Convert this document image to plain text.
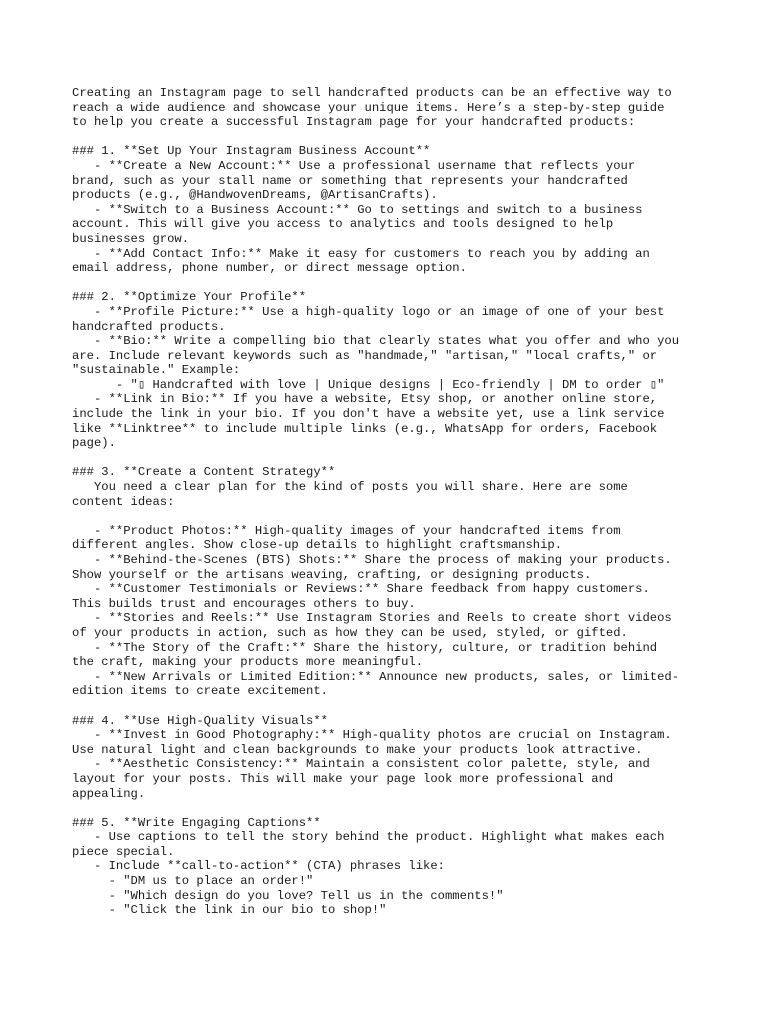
Creating an Instagram page to sell handcrafted products can be an effective way to
reach a wide audience and showcase your unique items. Here’s a step-by-step guide
to help you create a successful Instagram page for your handcrafted products:
### 1. **Set Up Your Instagram Business Account**
- **Create a New Account:** Use a professional username that reflects your
brand, such as your stall name or something that represents your handcrafted
products (e.g., @HandwovenDreams, @ArtisanCrafts).
- **Switch to a Business Account:** Go to settings and switch to a business
account. This will give you access to analytics and tools designed to help
businesses grow.
- **Add Contact Info:** Make it easy for customers to reach you by adding an
email address, phone number, or direct message option.
### 2. **Optimize Your Profile**
- **Profile Picture:** Use a high-quality logo or an image of one of your best
handcrafted products.
- **Bio:** Write a compelling bio that clearly states what you offer and who you
are. Include relevant keywords such as "handmade," "artisan," "local crafts," or
"sustainable." Example:
- "▯ Handcrafted with love | Unique designs | Eco-friendly | DM to order ▯"
- **Link in Bio:** If you have a website, Etsy shop, or another online store,
include the link in your bio. If you don't have a website yet, use a link service
like **Linktree** to include multiple links (e.g., WhatsApp for orders, Facebook
page).
### 3. **Create a Content Strategy**
You need a clear plan for the kind of posts you will share. Here are some
content ideas:
- **Product Photos:** High-quality images of your handcrafted items from
different angles. Show close-up details to highlight craftsmanship.
- **Behind-the-Scenes (BTS) Shots:** Share the process of making your products.
Show yourself or the artisans weaving, crafting, or designing products.
- **Customer Testimonials or Reviews:** Share feedback from happy customers.
This builds trust and encourages others to buy.
- **Stories and Reels:** Use Instagram Stories and Reels to create short videos
of your products in action, such as how they can be used, styled, or gifted.
- **The Story of the Craft:** Share the history, culture, or tradition behind
the craft, making your products more meaningful.
- **New Arrivals or Limited Edition:** Announce new products, sales, or limited-
edition items to create excitement.
### 4. **Use High-Quality Visuals**
- **Invest in Good Photography:** High-quality photos are crucial on Instagram.
Use natural light and clean backgrounds to make your products look attractive.
- **Aesthetic Consistency:** Maintain a consistent color palette, style, and
layout for your posts. This will make your page look more professional and
appealing.
### 5. **Write Engaging Captions**
- Use captions to tell the story behind the product. Highlight what makes each
piece special.
- Include **call-to-action** (CTA) phrases like:
- "DM us to place an order!"
- "Which design do you love? Tell us in the comments!"
- "Click the link in our bio to shop!"
